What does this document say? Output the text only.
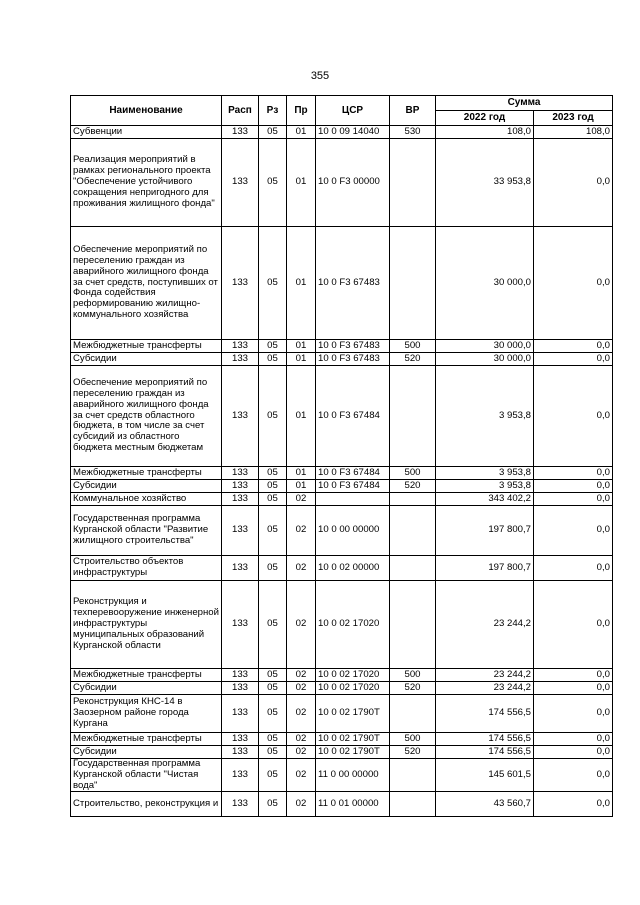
355
Наименование	Расп	Рз	Пр	ЦСР	ВР	Сумма	
						2022 год	2023 год
Субвенции	133	05	01	10 0 09 14040	530	108,0	108,0
Реализация мероприятий в рамках регионального проекта "Обеспечение устойчивого сокращения непригодного для проживания жилищного фонда"	133	05	01	10 0 F3 00000		33 953,8	0,0
Обеспечение мероприятий по переселению граждан из аварийного жилищного фонда за счет средств, поступивших от Фонда содействия реформированию жилищно-коммунального хозяйства	133	05	01	10 0 F3 67483		30 000,0	0,0
Межбюджетные трансферты	133	05	01	10 0 F3 67483	500	30 000,0	0,0
Субсидии	133	05	01	10 0 F3 67483	520	30 000,0	0,0
Обеспечение мероприятий по переселению граждан из аварийного жилищного фонда за счет средств областного бюджета, в том числе за счет субсидий из областного бюджета местным бюджетам	133	05	01	10 0 F3 67484		3 953,8	0,0
Межбюджетные трансферты	133	05	01	10 0 F3 67484	500	3 953,8	0,0
Субсидии	133	05	01	10 0 F3 67484	520	3 953,8	0,0
Коммунальное хозяйство	133	05	02			343 402,2	0,0
Государственная программа Курганской области "Развитие жилищного строительства"	133	05	02	10 0 00 00000		197 800,7	0,0
Строительство объектов инфраструктуры	133	05	02	10 0 02 00000		197 800,7	0,0
Реконструкция и техперевооружение инженерной инфраструктуры муниципальных образований Курганской области	133	05	02	10 0 02 17020		23 244,2	0,0
Межбюджетные трансферты	133	05	02	10 0 02 17020	500	23 244,2	0,0
Субсидии	133	05	02	10 0 02 17020	520	23 244,2	0,0
Реконструкция КНС-14 в Заозерном районе города Кургана	133	05	02	10 0 02 1790Т		174 556,5	0,0
Межбюджетные трансферты	133	05	02	10 0 02 1790Т	500	174 556,5	0,0
Субсидии	133	05	02	10 0 02 1790Т	520	174 556,5	0,0
Государственная программа Курганской области "Чистая вода"	133	05	02	11 0 00 00000		145 601,5	0,0
Строительство, реконструкция и	133	05	02	11 0 01 00000		43 560,7	0,0
